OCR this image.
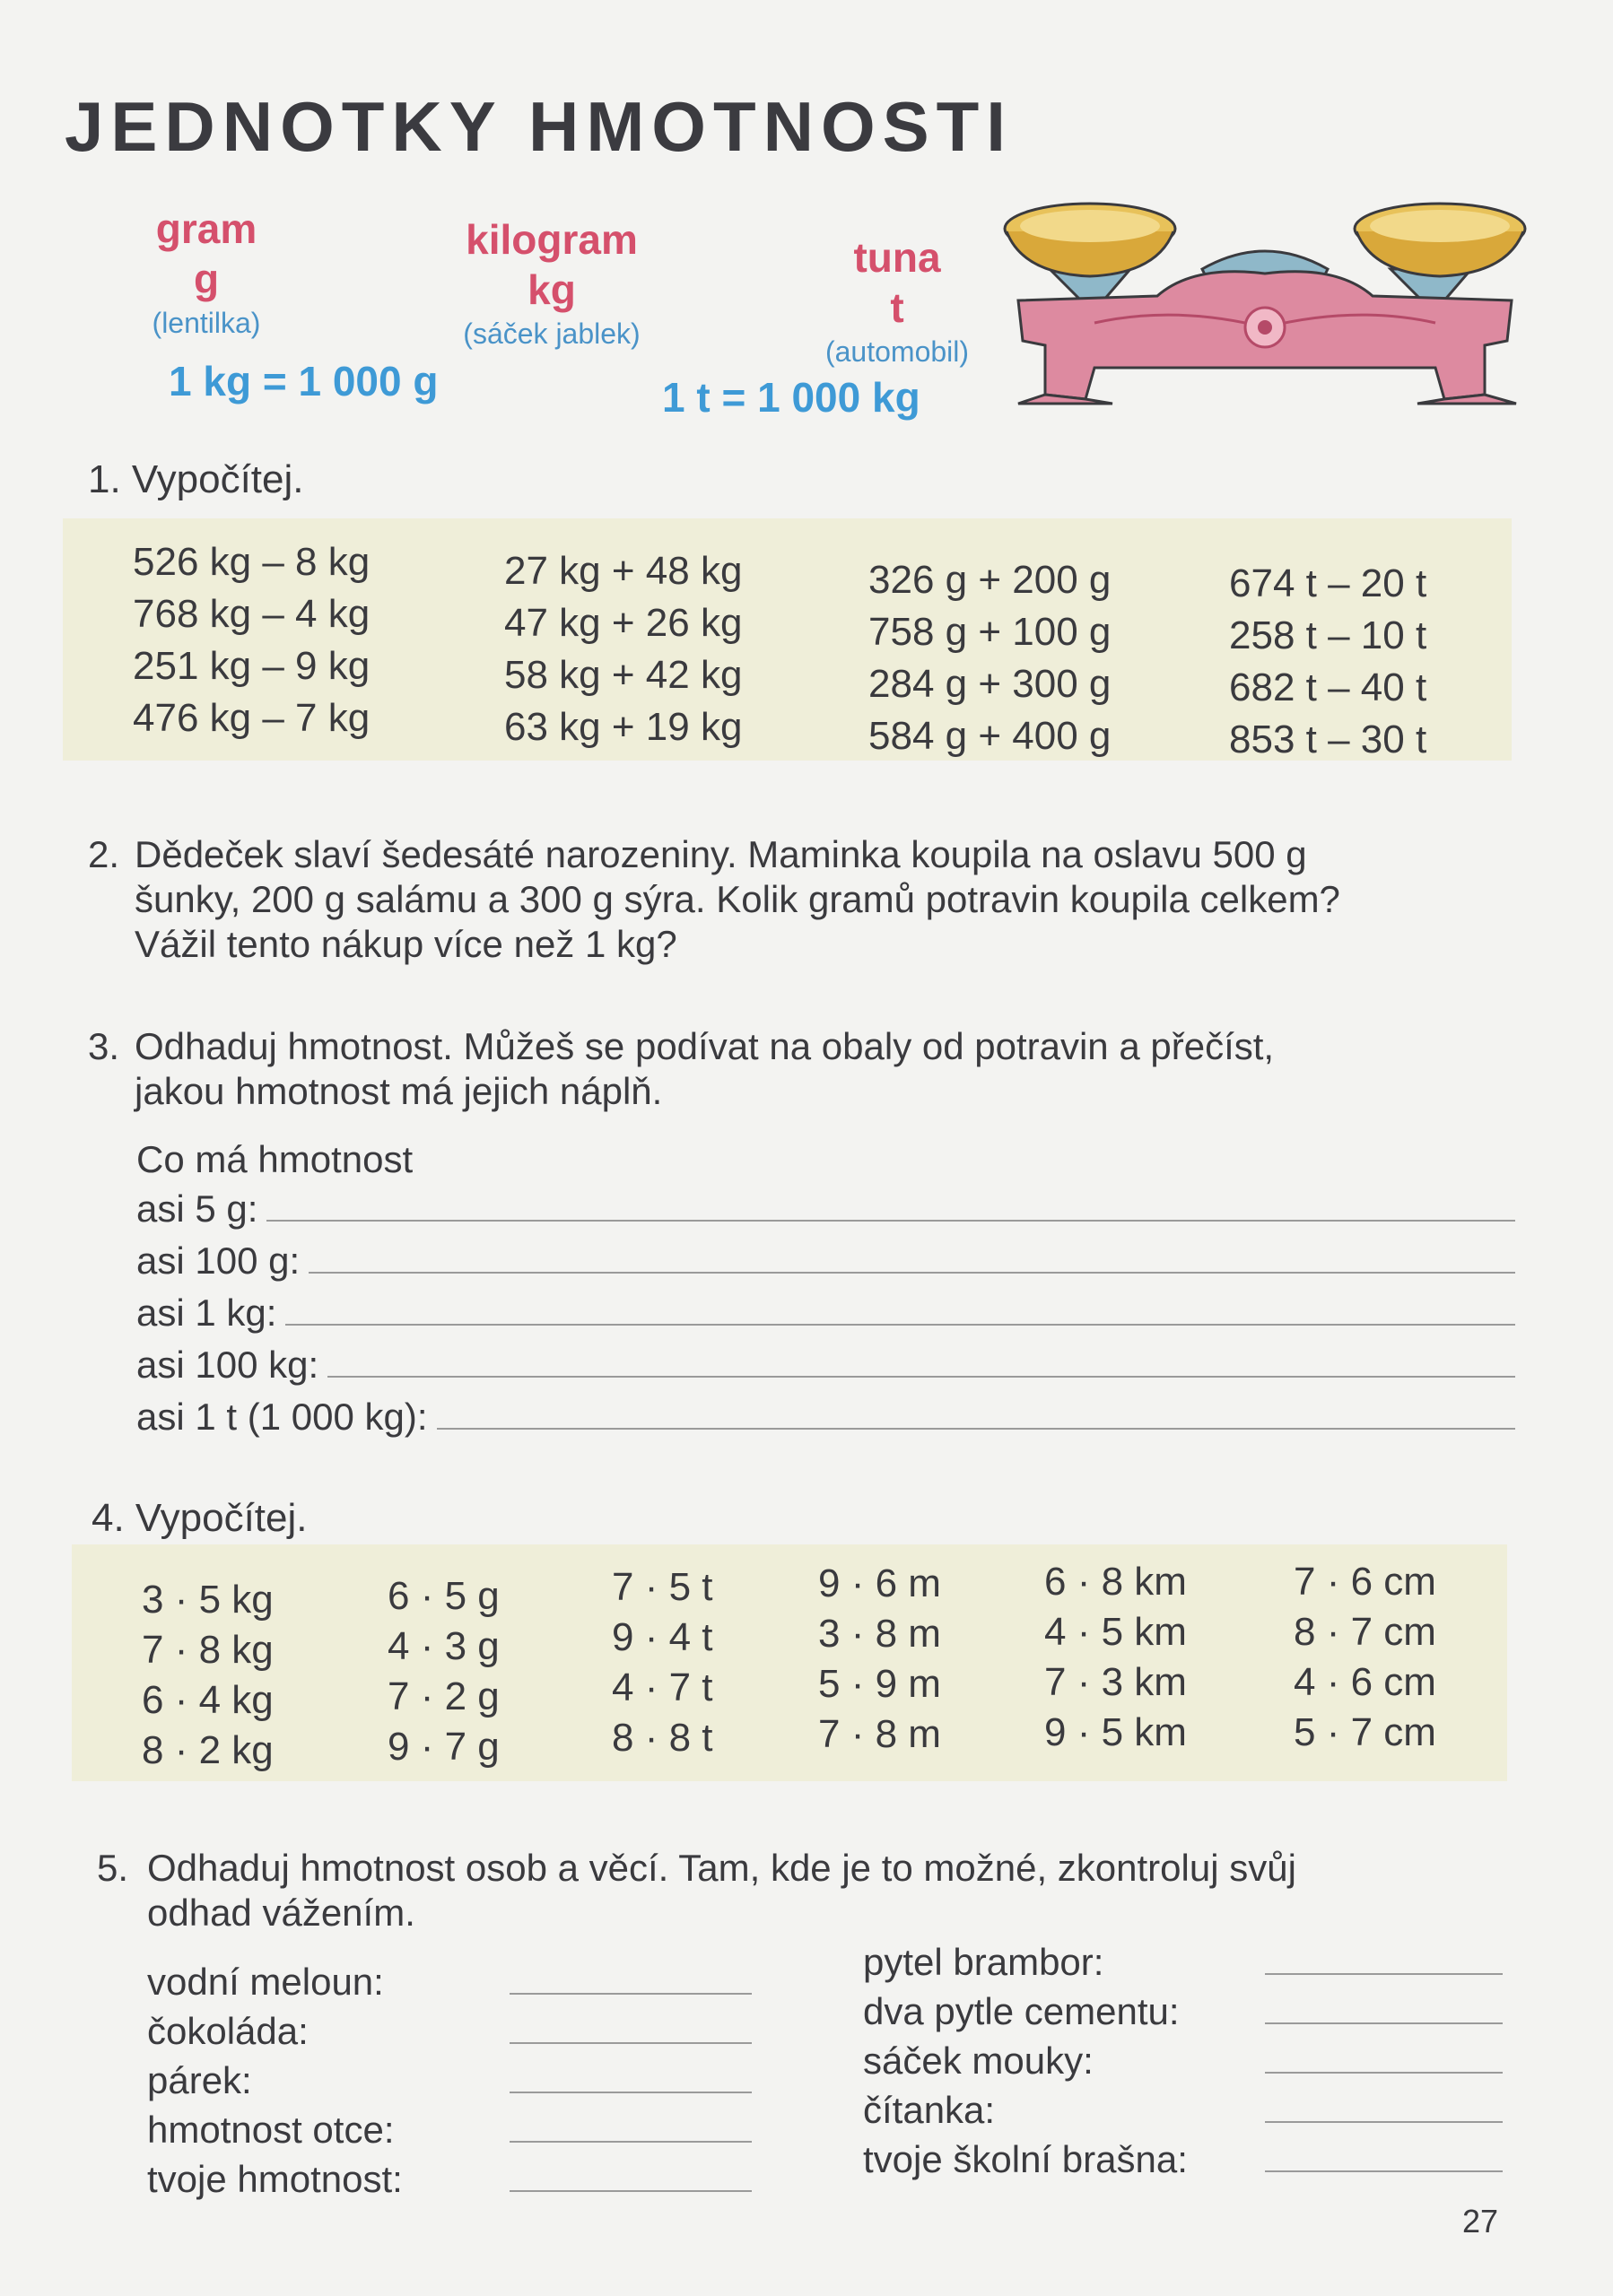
JEDNOTKY HMOTNOSTI
gram
g
(lentilka)
kilogram
kg
(sáček jablek)
tuna
t
(automobil)
1 kg = 1 000 g	1 t = 1 000 kg
1. Vypočítej.
526 kg – 8 kg
768 kg – 4 kg
251 kg – 9 kg
476 kg – 7 kg
27 kg + 48 kg
47 kg + 26 kg
58 kg + 42 kg
63 kg + 19 kg
326 g + 200 g
758 g + 100 g
284 g + 300 g
584 g + 400 g
674 t – 20 t
258 t – 10 t
682 t – 40 t
853 t – 30 t
2. Dědeček slaví šedesáté narozeniny. Maminka koupila na oslavu 500 g
šunky, 200 g salámu a 300 g sýra. Kolik gramů potravin koupila celkem?
Vážil tento nákup více než 1 kg?
3. Odhaduj hmotnost. Můžeš se podívat na obaly od potravin a přečíst,
jakou hmotnost má jejich náplň.
Co má hmotnost
asi 5 g:
asi 100 g:
asi 1 kg:
asi 100 kg:
asi 1 t (1 000 kg):
4. Vypočítej.
3 · 5 kg
7 · 8 kg
6 · 4 kg
8 · 2 kg
6 · 5 g
4 · 3 g
7 · 2 g
9 · 7 g
7 · 5 t
9 · 4 t
4 · 7 t
8 · 8 t
9 · 6 m
3 · 8 m
5 · 9 m
7 · 8 m
6 · 8 km
4 · 5 km
7 · 3 km
9 · 5 km
7 · 6 cm
8 · 7 cm
4 · 6 cm
5 · 7 cm
5. Odhaduj hmotnost osob a věcí. Tam, kde je to možné, zkontroluj svůj
odhad vážením.
vodní meloun:
čokoláda:
párek:
hmotnost otce:
tvoje hmotnost:
pytel brambor:
dva pytle cementu:
sáček mouky:
čítanka:
tvoje školní brašna:
27
